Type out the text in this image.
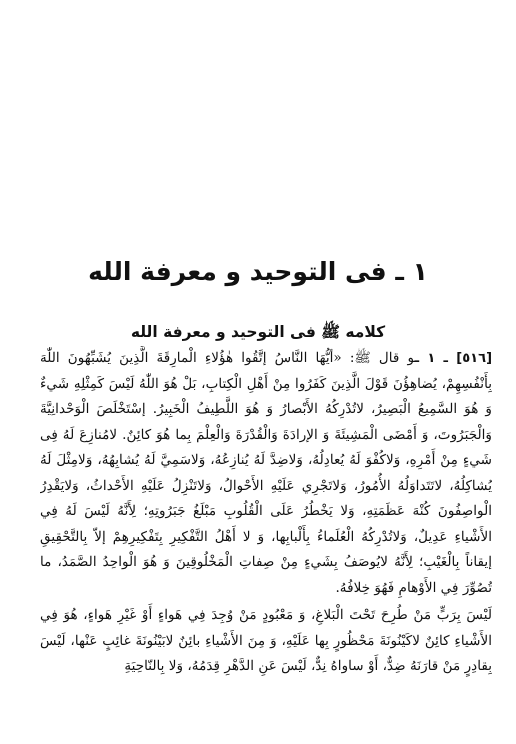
١ ـ فى التوحيد و معرفة الله
كلامه ﷺ فى التوحيد و معرفة الله

[٥١٦] ـ ١ ـو قال ﷺ: «أيُّهَا النَّاسُ إتَّقُوا هٰؤُلاءِ الْمارِقَةَ الَّذِينَ يُشَبِّهُونَ اللّٰهَ بِأَنْفُسِهِمْ، يُضاهِؤُنَ قَوْلَ الَّذِينَ كَفَرُوا مِنْ أَهْلِ الْكِتابِ، بَلْ هُوَ اللّٰهُ لَيْسَ كَمِثْلِهِ شَيءٌ وَ هُوَ السَّمِيعُ الْبَصِيرُ، لاتُدْرِكُهُ الأَبْصارُ وَ هُوَ اللَّطِيفُ الْخَبِيرُ. إسْتَخْلَصَ الْوَحْدانِيَّةَ وَالْجَبَرُوتَ، وَ أَمْضَى الْمَشِيئَةَ وَ الإرادَةَ وَالْقُدْرَةَ وَالْعِلْمَ بِما هُوَ كائِنٌ. لامُنازِعَ لَهُ فِى شَيءٍ مِنْ أَمْرِهِ، وَلاكُفْوَ لَهُ يُعادِلُهُ، وَلاضِدَّ لَهُ يُنازِعُهُ، وَلاسَمِيَّ لَهُ يُشابِهُهُ، وَلامِثْلَ لَهُ يُشاكِلُهُ، لاتَتَداوَلُهُ الأُمُورُ، وَلاتَجْرِي عَلَيْهِ الأَحْوالُ، وَلاتَنْزِلُ عَلَيْهِ الأَحْداثُ، وَلايَقْدِرُ الْواصِفُونَ كُنْهَ عَظَمَتِهِ، وَلا يَخْطُرُ عَلَى الْقُلُوبِ مَبْلَغُ جَبَرُوتِهِ؛ لِأَنَّهُ لَيْسَ لَهُ فِي الأَشْياءِ عَدِيلٌ، وَلاتُدْرِكُهُ الْعُلَماءُ بِأَلْبابِها، وَ لا أَهْلُ التَّفْكِيرِ بِتَفْكِيرِهِمْ إلاّ بِالتَّحْقِيقِ إيقاناً بِالْغَيْبِ؛ لِأَنَّهُ لايُوصَفُ بِشَيءٍ مِنْ صِفاتِ الْمَخْلُوقِينَ وَ هُوَ الْواحِدُ الصَّمَدُ، ما تُصُوِّرَ فِي الأَوْهامِ فَهُوَ خِلافُهُ.

لَيْسَ بِرَبٍّ مَنْ طُرِحَ تَحْتَ الْبَلاغِ، وَ مَعْبُودٍ مَنْ وُجِدَ فِي هَواءٍ أَوْ غَيْرِ هَواءٍ، هُوَ فِي الأَشْياءِ كائِنٌ لاكَيْنُونَةَ مَحْظُورٍ بِها عَلَيْهِ، وَ مِنَ الأَشْياءِ بائِنٌ لابَيْنُونَةَ غائِبٍ عَنْها، لَيْسَ بِقادِرٍ مَنْ قارَنَهُ ضِدٌّ، أَوْ ساواهُ نِدٌّ، لَيْسَ عَنِ الدَّهْرِ قِدَمُهُ، وَلا بِالنّاحِيَةِ
